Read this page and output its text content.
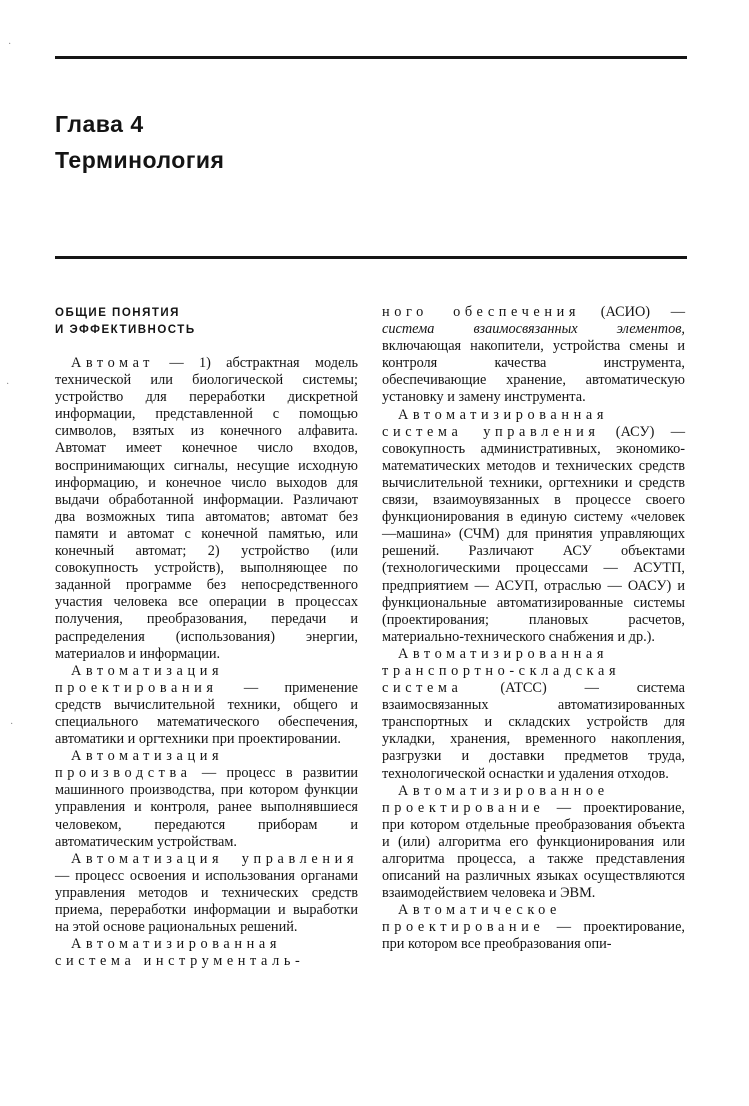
Глава 4
Терминология
ОБЩИЕ ПОНЯТИЯ
И ЭФФЕКТИВНОСТЬ

Автомат — 1) абстрактная модель технической или биологической системы; устройство для переработки дискретной информации, представленной с помощью символов, взятых из конечного алфавита. Автомат имеет конечное число входов, воспринимающих сигналы, несущие исходную информацию, и конечное число выходов для выдачи обработанной информации. Различают два возможных типа автоматов; автомат без памяти и автомат с конечной памятью, или конечный автомат; 2) устройство (или совокупность устройств), выполняющее по заданной программе без непосредственного участия человека все операции в процессах получения, преобразования, передачи и распределения (использования) энергии, материалов и информации.

Автоматизация проектирования — применение средств вычислительной техники, общего и специального математического обеспечения, автоматики и оргтехники при проектировании.

Автоматизация производства — процесс в развитии машинного производства, при котором функции управления и контроля, ранее выполнявшиеся человеком, передаются приборам и автоматическим устройствам.

Автоматизация управления — процесс освоения и использования органами управления методов и технических средств приема, переработки информации и выработки на этой основе рациональных решений.

Автоматизированная система инструменталь-

ного обеспечения (АСИО) — система взаимосвязанных элементов, включающая накопители, устройства смены и контроля качества инструмента, обеспечивающие хранение, автоматическую установку и замену инструмента.

Автоматизированная система управления (АСУ) — совокупность административных, экономико-математических методов и технических средств вычислительной техники, оргтехники и средств связи, взаимоувязанных в процессе своего функционирования в единую систему «человек—машина» (СЧМ) для принятия управляющих решений. Различают АСУ объектами (технологическими процессами — АСУТП, предприятием — АСУП, отраслью — ОАСУ) и функциональные автоматизированные системы (проектирования; плановых расчетов, материально-технического снабжения и др.).

Автоматизированная транспортно-складская система (АТСС) — система взаимосвязанных автоматизированных транспортных и складских устройств для укладки, хранения, временного накопления, разгрузки и доставки предметов труда, технологической оснастки и удаления отходов.

Автоматизированное проектирование — проектирование, при котором отдельные преобразования объекта и (или) алгоритма его функционирования или алгоритма процесса, а также представления описаний на различных языках осуществляются взаимодействием человека и ЭВМ.

Автоматическое проектирование — проектирование, при котором все преобразования опи-

·
·
·
